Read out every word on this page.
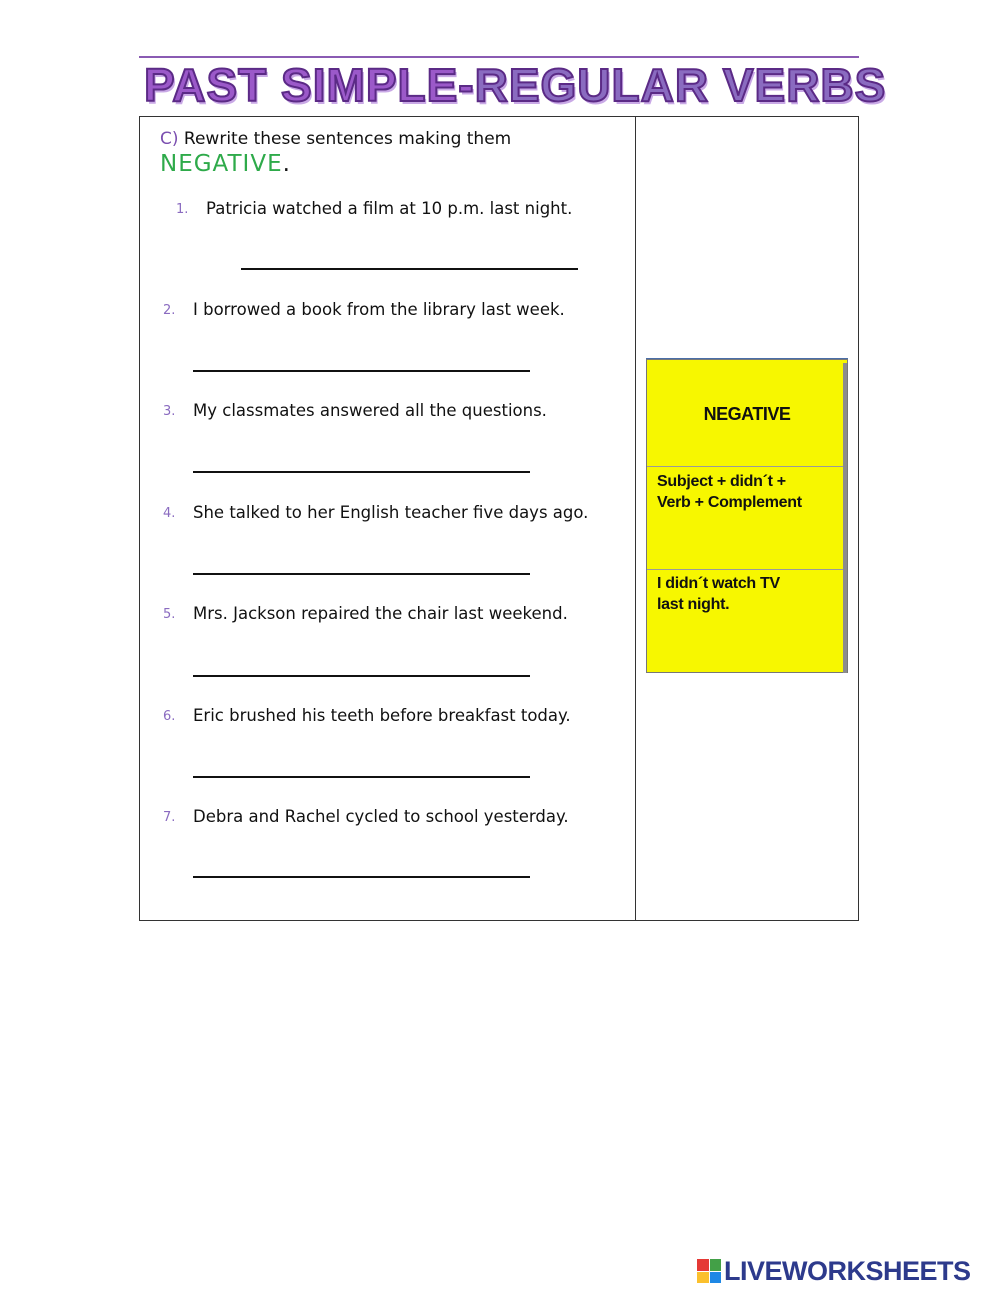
PAST SIMPLE-REGULAR VERBS
C) Rewrite these sentences making them
NEGATIVE.
1. Patricia watched a film at 10 p.m. last night.
2. I borrowed a book from the library last week.
3. My classmates answered all the questions.
4. She talked to her English teacher five days ago.
5. Mrs. Jackson repaired the chair last weekend.
6. Eric brushed his teeth before breakfast today.
7. Debra and Rachel cycled to school yesterday.
NEGATIVE
Subject + didn´t +
Verb + Complement
I didn´t watch TV
last night.
LIVEWORKSHEETS
